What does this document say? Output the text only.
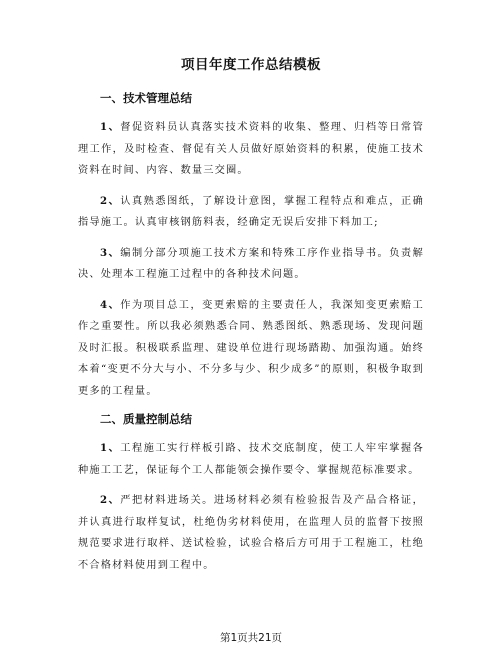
项目年度工作总结模板
一、技术管理总结

1、督促资料员认真落实技术资料的收集、整理、归档等日常管理工作，及时检查、督促有关人员做好原始资料的积累，使施工技术资料在时间、内容、数量三交圈。

2、认真熟悉图纸，了解设计意图，掌握工程特点和难点，正确指导施工。认真审核钢筋料表，经确定无误后安排下料加工;

3、编制分部分项施工技术方案和特殊工序作业指导书。负责解决、处理本工程施工过程中的各种技术问题。

4、作为项目总工，变更索赔的主要责任人，我深知变更索赔工作之重要性。所以我必须熟悉合同、熟悉图纸、熟悉现场、发现问题及时汇报。积极联系监理、建设单位进行现场踏勘、加强沟通。始终本着“变更不分大与小、不分多与少、积少成多”的原则，积极争取到更多的工程量。

二、质量控制总结

1、工程施工实行样板引路、技术交底制度，使工人牢牢掌握各种施工工艺，保证每个工人都能领会操作要令、掌握规范标准要求。

2、严把材料进场关。进场材料必须有检验报告及产品合格证，并认真进行取样复试，杜绝伪劣材料使用，在监理人员的监督下按照规范要求进行取样、送试检验，试验合格后方可用于工程施工，杜绝不合格材料使用到工程中。

第1页共21页
